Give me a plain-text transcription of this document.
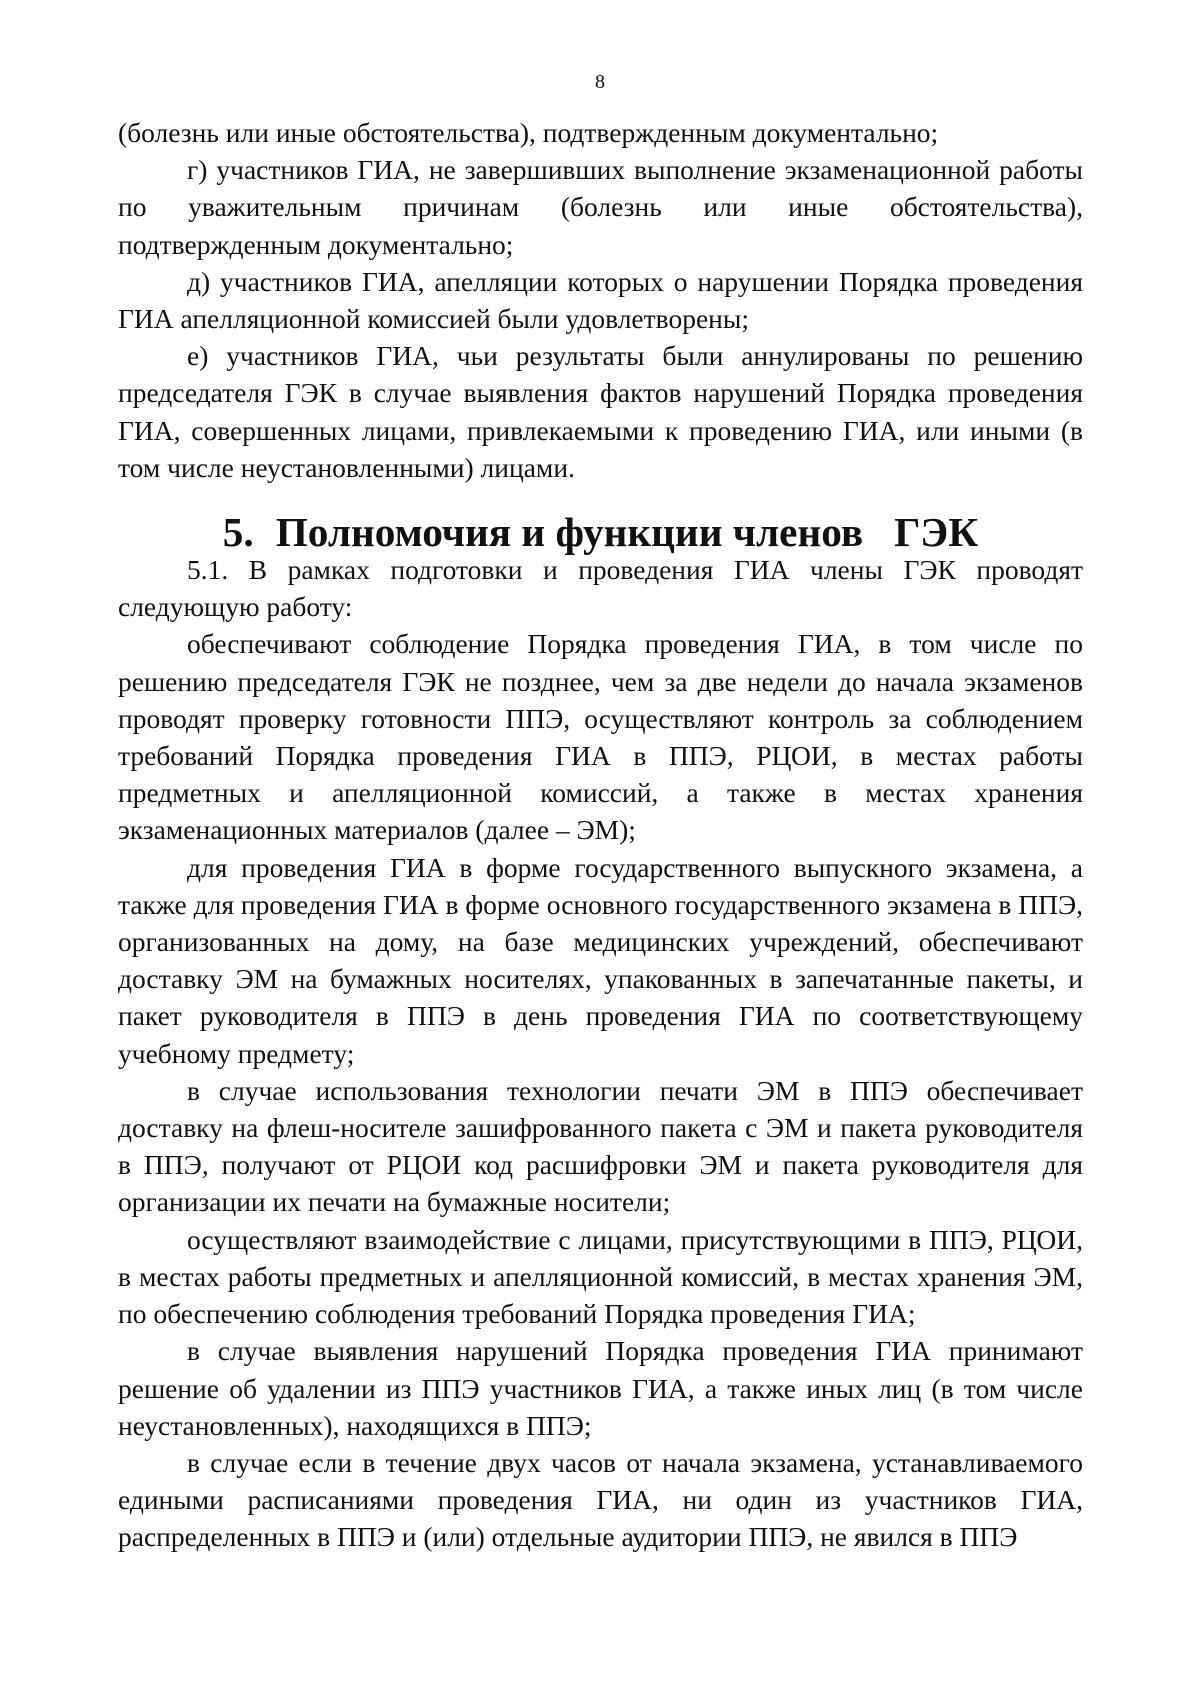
8

(болезнь или иные обстоятельства), подтвержденным документально;

г) участников ГИА, не завершивших выполнение экзаменационной работы по уважительным причинам (болезнь или иные обстоятельства), подтвержденным документально;

д) участников ГИА, апелляции которых о нарушении Порядка проведения ГИА апелляционной комиссией были удовлетворены;

е) участников ГИА, чьи результаты были аннулированы по решению председателя ГЭК в случае выявления фактов нарушений Порядка проведения ГИА, совершенных лицами, привлекаемыми к проведению ГИА, или иными (в том числе неустановленными) лицами.

5. Полномочия и функции членов   ГЭК

5.1. В рамках подготовки и проведения ГИА члены ГЭК проводят следующую работу:

обеспечивают соблюдение Порядка проведения ГИА, в том числе по решению председателя ГЭК не позднее, чем за две недели до начала экзаменов проводят проверку готовности ППЭ, осуществляют контроль за соблюдением требований Порядка проведения ГИА в ППЭ, РЦОИ, в местах работы предметных и апелляционной комиссий, а также в местах хранения экзаменационных материалов (далее – ЭМ);

для проведения ГИА в форме государственного выпускного экзамена, а также для проведения ГИА в форме основного государственного экзамена в ППЭ, организованных на дому, на базе медицинских учреждений, обеспечивают доставку ЭМ на бумажных носителях, упакованных в запечатанные пакеты, и пакет руководителя в ППЭ в день проведения ГИА по соответствующему учебному предмету;

в случае использования технологии печати ЭМ в ППЭ обеспечивает доставку на флеш-носителе зашифрованного пакета с ЭМ и пакета руководителя в ППЭ, получают от РЦОИ код расшифровки ЭМ и пакета руководителя для организации их печати на бумажные носители;

осуществляют взаимодействие с лицами, присутствующими в ППЭ, РЦОИ, в местах работы предметных и апелляционной комиссий, в местах хранения ЭМ, по обеспечению соблюдения требований Порядка проведения ГИА;

в случае выявления нарушений Порядка проведения ГИА принимают решение об удалении из ППЭ участников ГИА, а также иных лиц (в том числе неустановленных), находящихся в ППЭ;

в случае если в течение двух часов от начала экзамена, устанавливаемого едиными расписаниями проведения ГИА, ни один из участников ГИА, распределенных в ППЭ и (или) отдельные аудитории ППЭ, не явился в ППЭ
